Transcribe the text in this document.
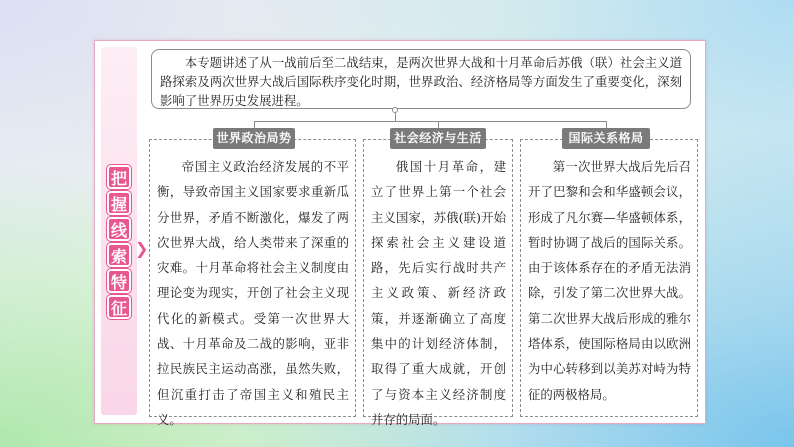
把
握
线
索
特
征
❯
本专题讲述了从一战前后至二战结束，是两次世界大战和十月革命后苏俄（联）社会主义道路探索及两次世界大战后国际秩序变化时期，世界政治、经济格局等方面发生了重要变化，深刻影响了世界历史发展进程。
帝国主义政治经济发展的不平衡，导致帝国主义国家要求重新瓜分世界，矛盾不断激化，爆发了两次世界大战，给人类带来了深重的灾难。十月革命将社会主义制度由理论变为现实，开创了社会主义现代化的新模式。受第一次世界大战、十月革命及二战的影响，亚非拉民族民主运动高涨，虽然失败，但沉重打击了帝国主义和殖民主义。
俄国十月革命，建立了世界上第一个社会主义国家，苏俄(联)开始探索社会主义建设道路，先后实行战时共产主义政策、新经济政策，并逐渐确立了高度集中的计划经济体制，取得了重大成就，开创了与资本主义经济制度并存的局面。
第一次世界大战后先后召开了巴黎和会和华盛顿会议，形成了凡尔赛—华盛顿体系，暂时协调了战后的国际关系。由于该体系存在的矛盾无法消除，引发了第二次世界大战。第二次世界大战后形成的雅尔塔体系，使国际格局由以欧洲为中心转移到以美苏对峙为特征的两极格局。
世界政治局势	社会经济与生活	国际关系格局
